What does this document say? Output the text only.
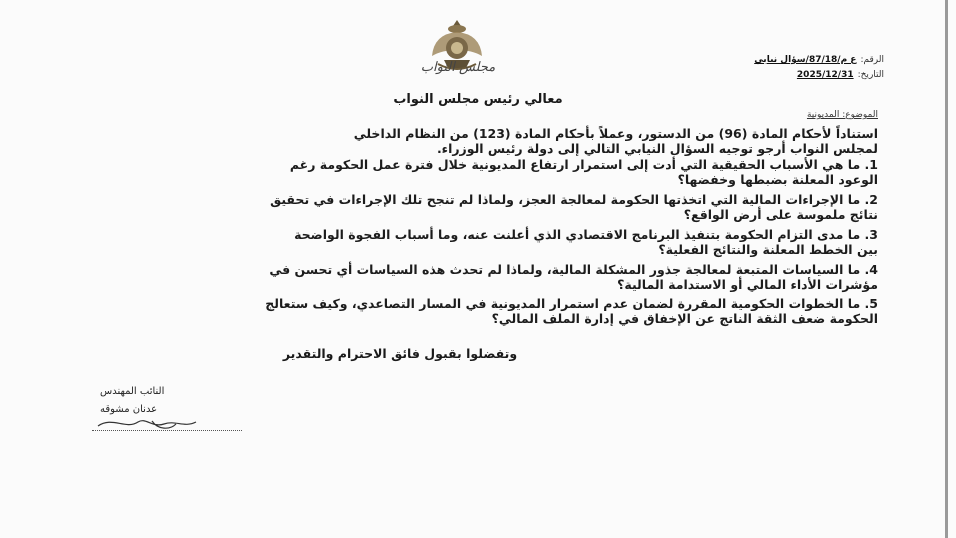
مجلس النواب	الرقم:ع م/87/18/سؤال نيابي
التاريخ:2025/12/31
معالي رئيس مجلس النواب
الموضوع: المديونية
استناداً لأحكام المادة (96) من الدستور، وعملاً بأحكام المادة (123) من النظام الداخلي
لمجلس النواب أرجو توجيه السؤال النيابي التالي إلى دولة رئيس الوزراء.
1. ما هي الأسباب الحقيقية التي أدت إلى استمرار ارتفاع المديونية خلال فترة عمل الحكومة رغم
الوعود المعلنة بضبطها وخفضها؟
2. ما الإجراءات المالية التي اتخذتها الحكومة لمعالجة العجز، ولماذا لم تنجح تلك الإجراءات في تحقيق
نتائج ملموسة على أرض الواقع؟
3. ما مدى التزام الحكومة بتنفيذ البرنامج الاقتصادي الذي أعلنت عنه، وما أسباب الفجوة الواضحة
بين الخطط المعلنة والنتائج الفعلية؟
4. ما السياسات المتبعة لمعالجة جذور المشكلة المالية، ولماذا لم تحدث هذه السياسات أي تحسن في
مؤشرات الأداء المالي أو الاستدامة المالية؟
5. ما الخطوات الحكومية المقررة لضمان عدم استمرار المديونية في المسار التصاعدي، وكيف ستعالج
الحكومة ضعف الثقة الناتج عن الإخفاق في إدارة الملف المالي؟
وتفضلوا بقبول فائق الاحترام والتقدير
النائب المهندس
عدنان مشوقه
